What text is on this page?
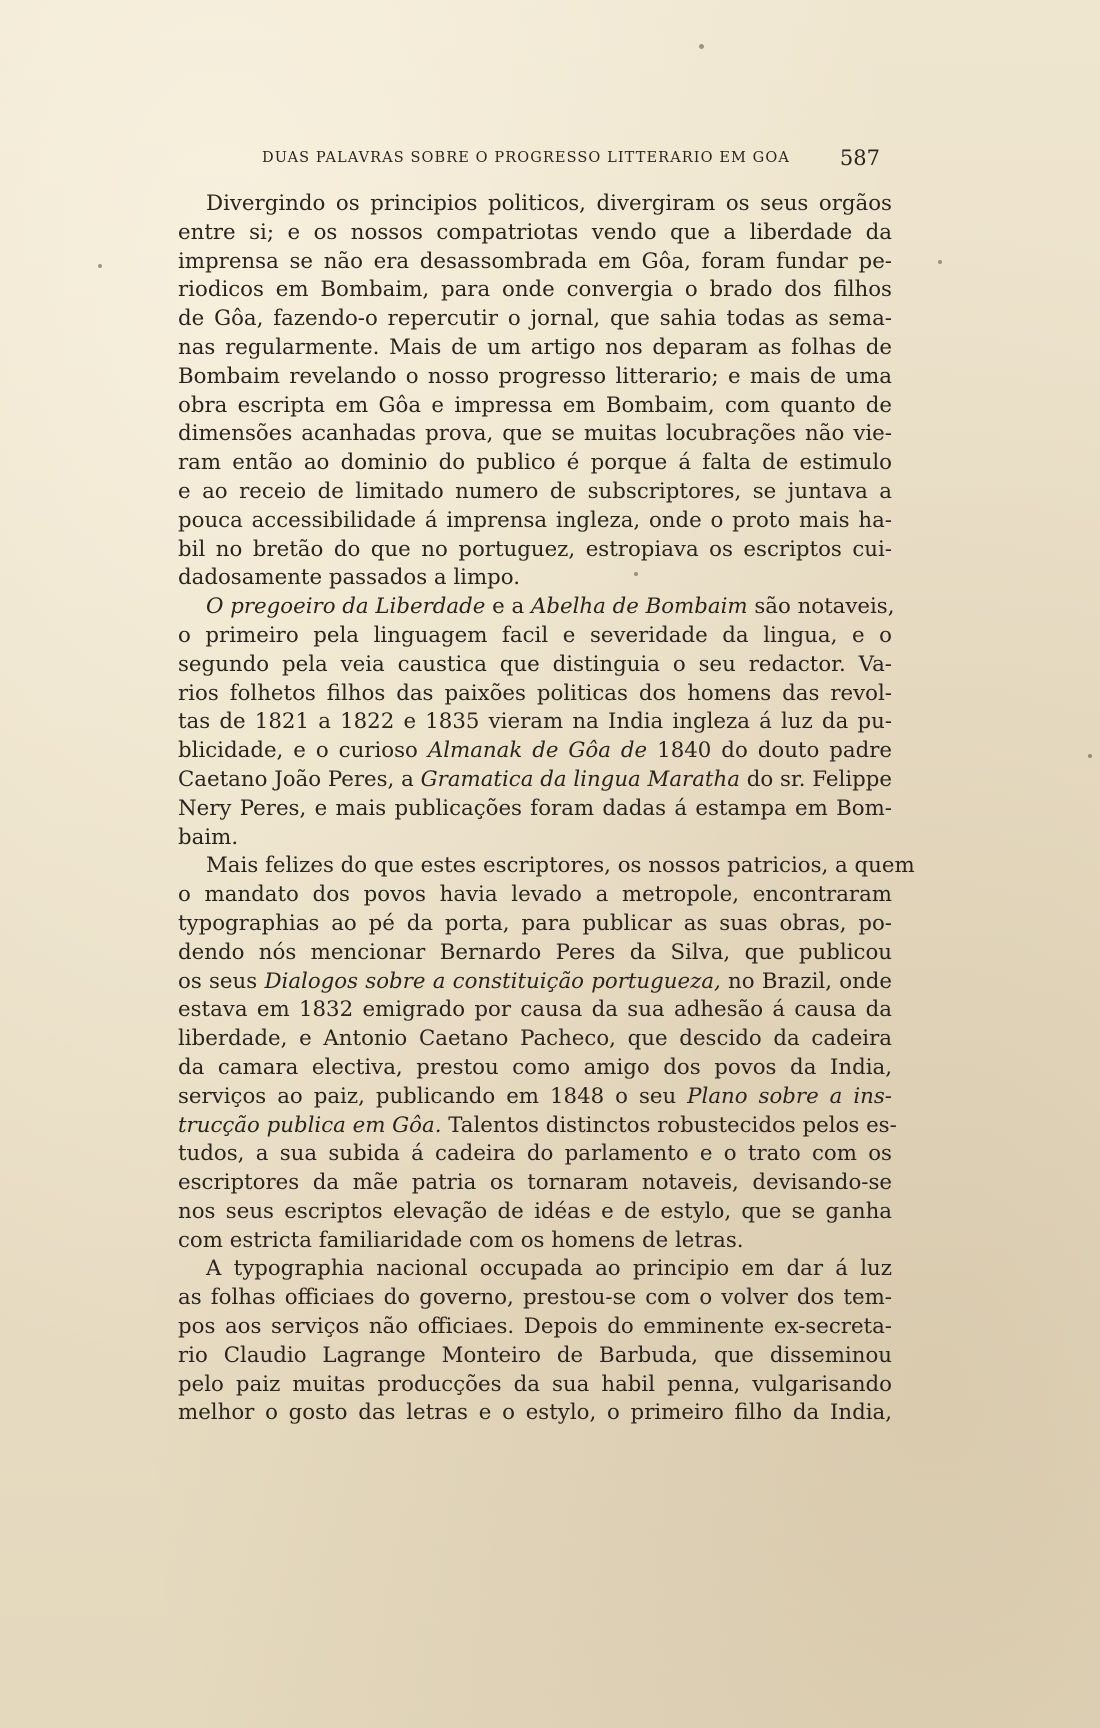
DUAS PALAVRAS SOBRE O PROGRESSO LITTERARIO EM GOA 587
Divergindo os principios politicos, divergiram os seus orgãos
entre si; e os nossos compatriotas vendo que a liberdade da
imprensa se não era desassombrada em Gôa, foram fundar pe-
riodicos em Bombaim, para onde convergia o brado dos filhos
de Gôa, fazendo-o repercutir o jornal, que sahia todas as sema-
nas regularmente. Mais de um artigo nos deparam as folhas de
Bombaim revelando o nosso progresso litterario; e mais de uma
obra escripta em Gôa e impressa em Bombaim, com quanto de
dimensões acanhadas prova, que se muitas locubrações não vie-
ram então ao dominio do publico é porque á falta de estimulo
e ao receio de limitado numero de subscriptores, se juntava a
pouca accessibilidade á imprensa ingleza, onde o proto mais ha-
bil no bretão do que no portuguez, estropiava os escriptos cui-
dadosamente passados a limpo.
O pregoeiro da Liberdade e a Abelha de Bombaim são notaveis,
o primeiro pela linguagem facil e severidade da lingua, e o
segundo pela veia caustica que distinguia o seu redactor. Va-
rios folhetos filhos das paixões politicas dos homens das revol-
tas de 1821 a 1822 e 1835 vieram na India ingleza á luz da pu-
blicidade, e o curioso Almanak de Gôa de 1840 do douto padre
Caetano João Peres, a Gramatica da lingua Maratha do sr. Felippe
Nery Peres, e mais publicações foram dadas á estampa em Bom-
baim.
Mais felizes do que estes escriptores, os nossos patricios, a quem
o mandato dos povos havia levado a metropole, encontraram
typographias ao pé da porta, para publicar as suas obras, po-
dendo nós mencionar Bernardo Peres da Silva, que publicou
os seus Dialogos sobre a constituição portugueza, no Brazil, onde
estava em 1832 emigrado por causa da sua adhesão á causa da
liberdade, e Antonio Caetano Pacheco, que descido da cadeira
da camara electiva, prestou como amigo dos povos da India,
serviços ao paiz, publicando em 1848 o seu Plano sobre a ins-
trucção publica em Gôa. Talentos distinctos robustecidos pelos es-
tudos, a sua subida á cadeira do parlamento e o trato com os
escriptores da mãe patria os tornaram notaveis, devisando-se
nos seus escriptos elevação de idéas e de estylo, que se ganha
com estricta familiaridade com os homens de letras.
A typographia nacional occupada ao principio em dar á luz
as folhas officiaes do governo, prestou-se com o volver dos tem-
pos aos serviços não officiaes. Depois do emminente ex-secreta-
rio Claudio Lagrange Monteiro de Barbuda, que disseminou
pelo paiz muitas producções da sua habil penna, vulgarisando
melhor o gosto das letras e o estylo, o primeiro filho da India,
